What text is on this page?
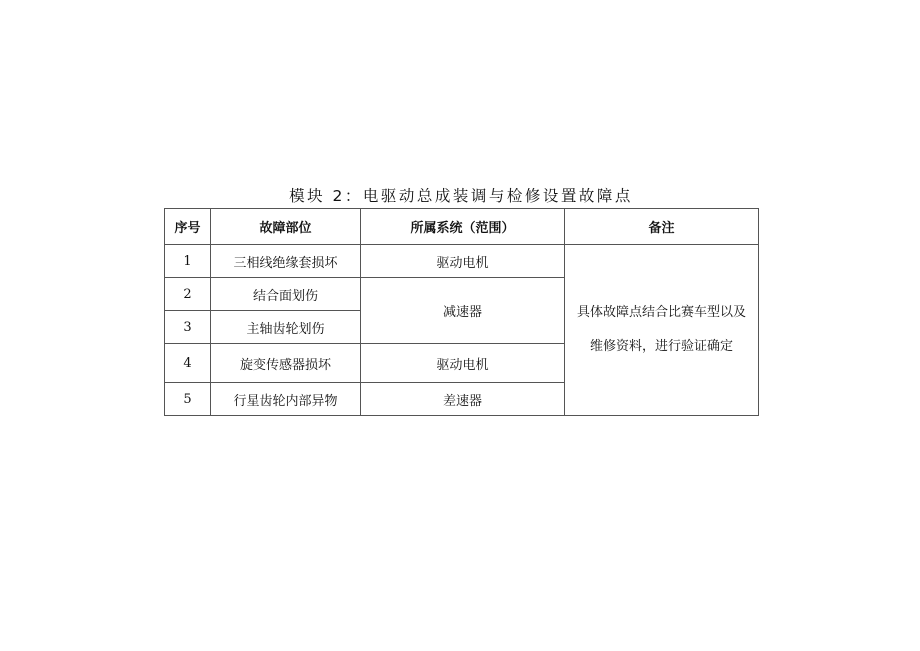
模块 2：电驱动总成装调与检修设置故障点
序号	故障部位	所属系统（范围）	备注
1	三相线绝缘套损坏	驱动电机	具体故障点结合比赛车型以及
维修资料，进行验证确定

2	结合面划伤	减速器	
3	主轴齿轮划伤		
4	旋变传感器损坏	驱动电机	
5	行星齿轮内部异物	差速器	
